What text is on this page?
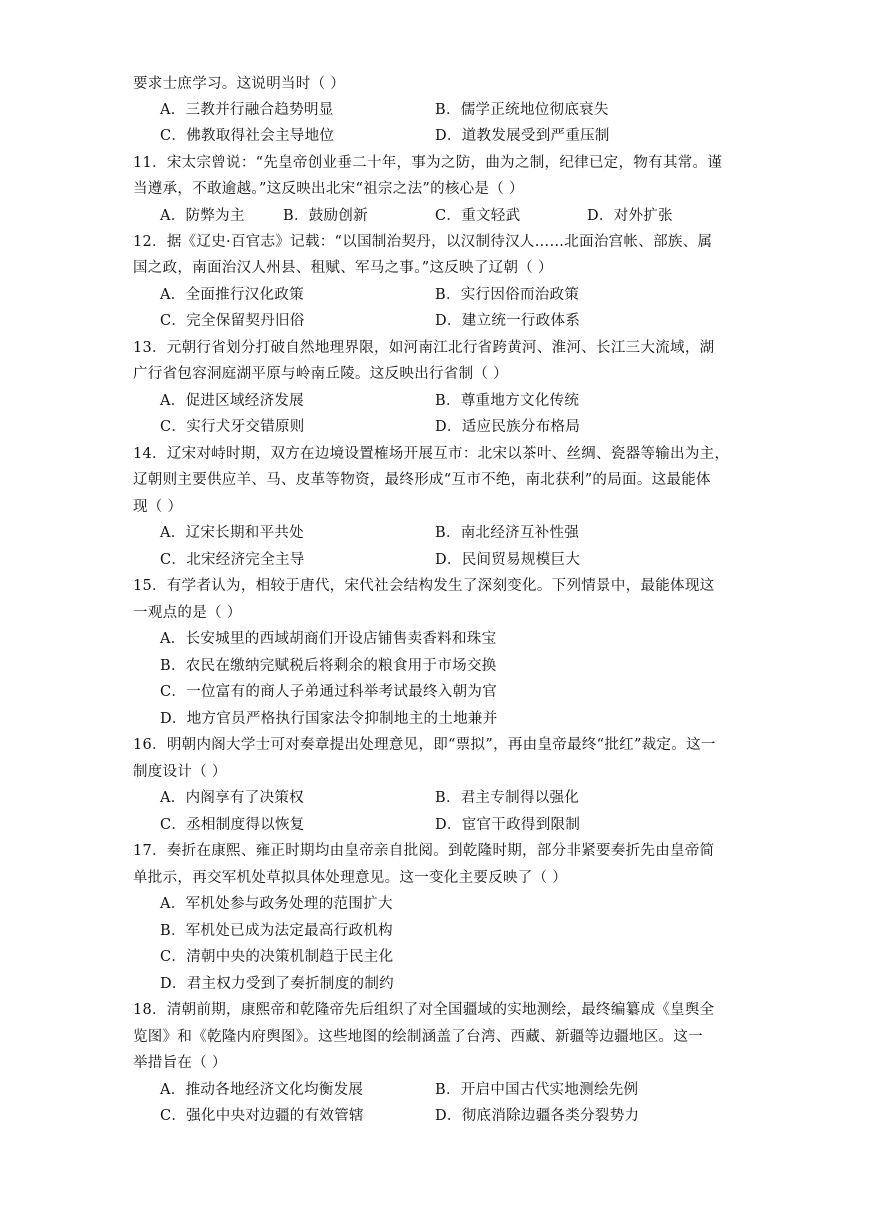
要求士庶学习。这说明当时（ ）
A．三教并行融合趋势明显	B．儒学正统地位彻底衰失
C．佛教取得社会主导地位	D．道教发展受到严重压制
11．宋太宗曾说：“先皇帝创业垂二十年，事为之防，曲为之制，纪律已定，物有其常。谨
当遵承，不敢逾越。”这反映出北宋“祖宗之法”的核心是（ ）
A．防弊为主	B．鼓励创新	C．重文轻武	D．对外扩张
12．据《辽史·百官志》记载：“以国制治契丹，以汉制待汉人……北面治宫帐、部族、属
国之政，南面治汉人州县、租赋、军马之事。”这反映了辽朝（ ）
A．全面推行汉化政策	B．实行因俗而治政策
C．完全保留契丹旧俗	D．建立统一行政体系
13．元朝行省划分打破自然地理界限，如河南江北行省跨黄河、淮河、长江三大流域，湖
广行省包容洞庭湖平原与岭南丘陵。这反映出行省制（ ）
A．促进区域经济发展	B．尊重地方文化传统
C．实行犬牙交错原则	D．适应民族分布格局
14．辽宋对峙时期，双方在边境设置榷场开展互市：北宋以茶叶、丝绸、瓷器等输出为主，
辽朝则主要供应羊、马、皮革等物资，最终形成“互市不绝，南北获利”的局面。这最能体
现（ ）
A．辽宋长期和平共处	B．南北经济互补性强
C．北宋经济完全主导	D．民间贸易规模巨大
15．有学者认为，相较于唐代，宋代社会结构发生了深刻变化。下列情景中，最能体现这
一观点的是（ ）
A．长安城里的西域胡商们开设店铺售卖香料和珠宝
B．农民在缴纳完赋税后将剩余的粮食用于市场交换
C．一位富有的商人子弟通过科举考试最终入朝为官
D．地方官员严格执行国家法令抑制地主的土地兼并
16．明朝内阁大学士可对奏章提出处理意见，即“票拟”，再由皇帝最终“批红”裁定。这一
制度设计（ ）
A．内阁享有了决策权	B．君主专制得以强化
C．丞相制度得以恢复	D．宦官干政得到限制
17．奏折在康熙、雍正时期均由皇帝亲自批阅。到乾隆时期，部分非紧要奏折先由皇帝简
单批示，再交军机处草拟具体处理意见。这一变化主要反映了（ ）
A．军机处参与政务处理的范围扩大
B．军机处已成为法定最高行政机构
C．清朝中央的决策机制趋于民主化
D．君主权力受到了奏折制度的制约
18．清朝前期，康熙帝和乾隆帝先后组织了对全国疆域的实地测绘，最终编纂成《皇舆全
览图》和《乾隆内府舆图》。这些地图的绘制涵盖了台湾、西藏、新疆等边疆地区。这一
举措旨在（ ）
A．推动各地经济文化均衡发展	B．开启中国古代实地测绘先例
C．强化中央对边疆的有效管辖	D．彻底消除边疆各类分裂势力
